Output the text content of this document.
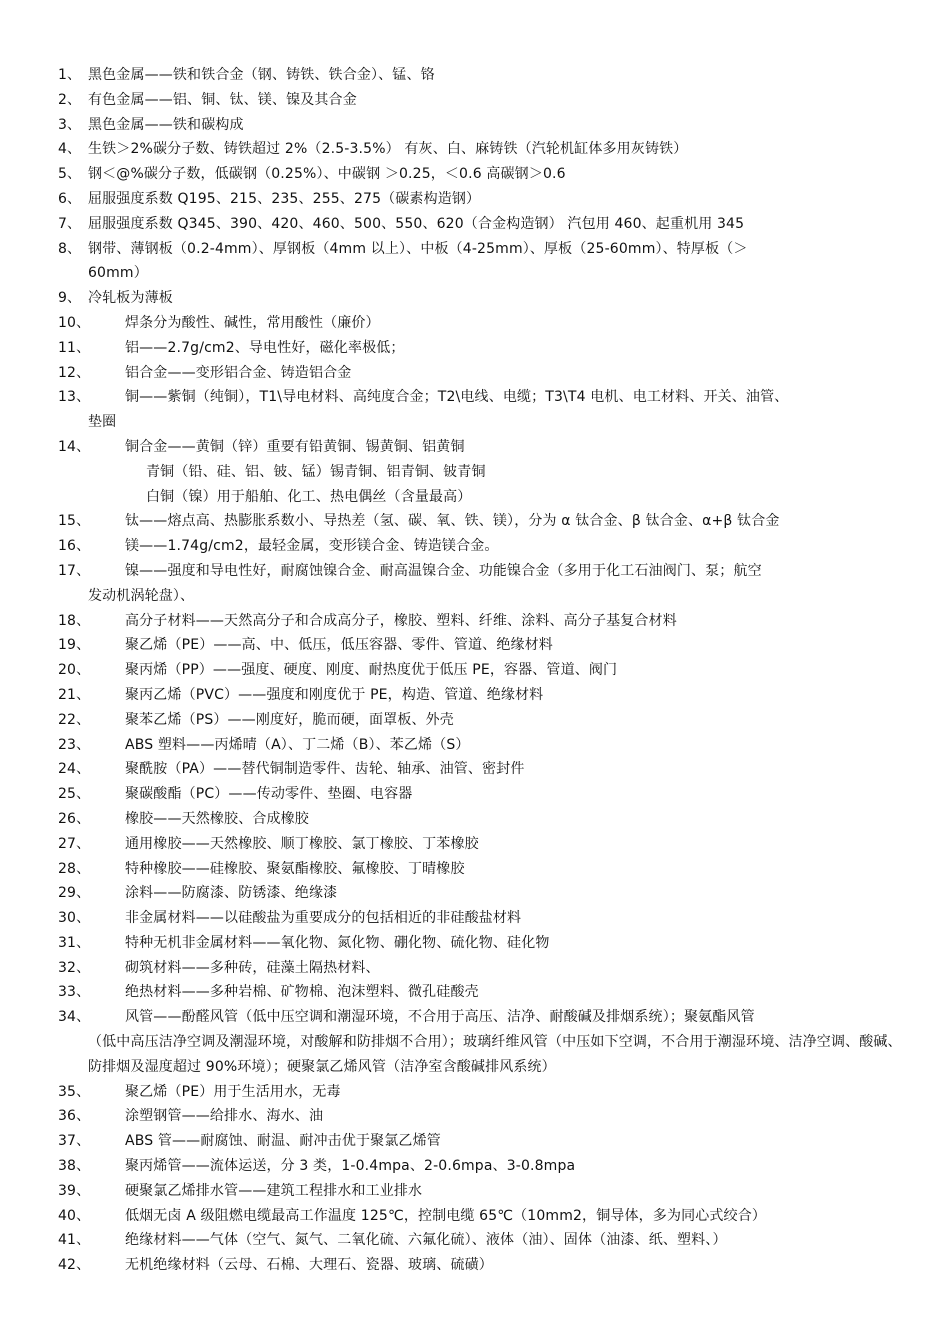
1、 黑色金属——铁和铁合金（钢、铸铁、铁合金）、锰、铬
2、 有色金属——铝、铜、钛、镁、镍及其合金
3、 黑色金属——铁和碳构成
4、 生铁＞2%碳分子数、铸铁超过 2%（2.5-3.5%） 有灰、白、麻铸铁（汽轮机缸体多用灰铸铁）
5、 钢＜@%碳分子数，低碳钢（0.25%）、中碳钢 ＞0.25，＜0.6 高碳钢＞0.6
6、 屈服强度系数 Q195、215、235、255、275（碳素构造钢）
7、 屈服强度系数 Q345、390、420、460、500、550、620（合金构造钢） 汽包用 460、起重机用 345
8、 钢带、薄钢板（0.2-4mm）、厚钢板（4mm 以上）、中板（4-25mm）、厚板（25-60mm）、特厚板（＞
60mm）
9、 冷轧板为薄板
10、	焊条分为酸性、碱性，常用酸性（廉价）
11、	铝——2.7g/cm2、导电性好，磁化率极低；
12、	铝合金——变形铝合金、铸造铝合金
13、	铜——紫铜（纯铜），T1\导电材料、高纯度合金；T2\电线、电缆；T3\T4 电机、电工材料、开关、油管、
垫圈
14、	铜合金——黄铜（锌）重要有铅黄铜、锡黄铜、铝黄铜
青铜（铅、硅、铝、铍、锰）锡青铜、铝青铜、铍青铜
白铜（镍）用于船舶、化工、热电偶丝（含量最高）
15、	钛——熔点高、热膨胀系数小、导热差（氢、碳、氧、铁、镁），分为 α 钛合金、β 钛合金、α+β 钛合金
16、	镁——1.74g/cm2，最轻金属，变形镁合金、铸造镁合金。
17、	镍——强度和导电性好，耐腐蚀镍合金、耐高温镍合金、功能镍合金（多用于化工石油阀门、泵；航空
发动机涡轮盘）、
18、	高分子材料——天然高分子和合成高分子，橡胶、塑料、纤维、涂料、高分子基复合材料
19、	聚乙烯（PE）——高、中、低压，低压容器、零件、管道、绝缘材料
20、	聚丙烯（PP）——强度、硬度、刚度、耐热度优于低压 PE，容器、管道、阀门
21、	聚丙乙烯（PVC）——强度和刚度优于 PE，构造、管道、绝缘材料
22、	聚苯乙烯（PS）——刚度好，脆而硬，面罩板、外壳
23、	ABS 塑料——丙烯晴（A）、丁二烯（B）、苯乙烯（S）
24、	聚酰胺（PA）——替代铜制造零件、齿轮、轴承、油管、密封件
25、	聚碳酸酯（PC）——传动零件、垫圈、电容器
26、	橡胶——天然橡胶、合成橡胶
27、	通用橡胶——天然橡胶、顺丁橡胶、氯丁橡胶、丁苯橡胶
28、	特种橡胶——硅橡胶、聚氨酯橡胶、氟橡胶、丁晴橡胶
29、	涂料——防腐漆、防锈漆、绝缘漆
30、	非金属材料——以硅酸盐为重要成分的包括相近的非硅酸盐材料
31、	特种无机非金属材料——氧化物、氮化物、硼化物、硫化物、硅化物
32、	砌筑材料——多种砖，硅藻土隔热材料、
33、	绝热材料——多种岩棉、矿物棉、泡沫塑料、微孔硅酸壳
34、	风管——酚醛风管（低中压空调和潮湿环境，不合用于高压、洁净、耐酸碱及排烟系统）；聚氨酯风管
（低中高压洁净空调及潮湿环境，对酸解和防排烟不合用）；玻璃纤维风管（中压如下空调，不合用于潮湿环境、洁净空调、酸碱、防排烟及湿度超过 90%环境）；硬聚氯乙烯风管（洁净室含酸碱排风系统）
35、	聚乙烯（PE）用于生活用水，无毒
36、	涂塑钢管——给排水、海水、油
37、	ABS 管——耐腐蚀、耐温、耐冲击优于聚氯乙烯管
38、	聚丙烯管——流体运送，分 3 类，1-0.4mpa、2-0.6mpa、3-0.8mpa
39、	硬聚氯乙烯排水管——建筑工程排水和工业排水
40、	低烟无卤 A 级阻燃电缆最高工作温度 125℃，控制电缆 65℃（10mm2，铜导体，多为同心式绞合）
41、	绝缘材料——气体（空气、氮气、二氧化硫、六氟化硫）、液体（油）、固体（油漆、纸、塑料、）
42、	无机绝缘材料（云母、石棉、大理石、瓷器、玻璃、硫磺）
